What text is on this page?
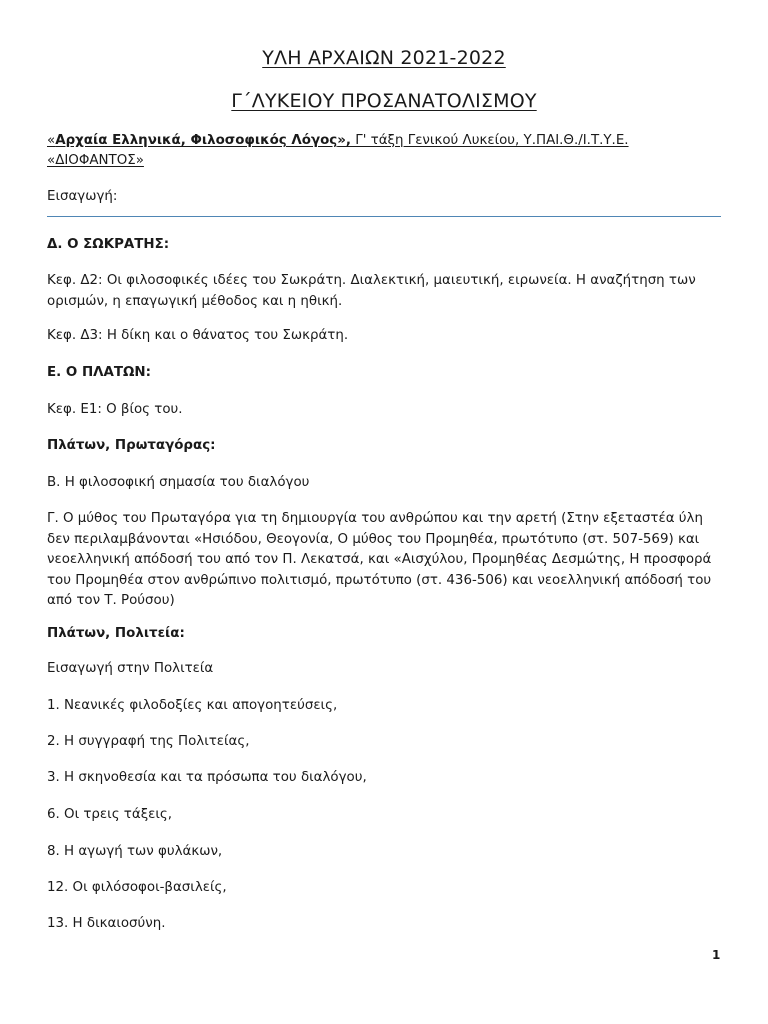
ΥΛΗ ΑΡΧΑΙΩΝ 2021-2022
Γ΄ΛΥΚΕΙΟΥ ΠΡΟΣΑΝΑΤΟΛΙΣΜΟΥ
«Αρχαία Ελληνικά, Φιλοσοφικός Λόγος», Γ' τάξη Γενικού Λυκείου, Υ.ΠΑΙ.Θ./Ι.Τ.Υ.Ε. «ΔΙΟΦΑΝΤΟΣ»
Εισαγωγή:

Δ. Ο ΣΩΚΡΑΤΗΣ:

Κεφ. Δ2: Οι φιλοσοφικές ιδέες του Σωκράτη. Διαλεκτική, μαιευτική, ειρωνεία. Η αναζήτηση των ορισμών, η επαγωγική μέθοδος και η ηθική.

Κεφ. Δ3: Η δίκη και ο θάνατος του Σωκράτη.

Ε. Ο ΠΛΑΤΩΝ:

Κεφ. Ε1: Ο βίος του.

Πλάτων, Πρωταγόρας:

Β. Η φιλοσοφική σημασία του διαλόγου

Γ. Ο μύθος του Πρωταγόρα για τη δημιουργία του ανθρώπου και την αρετή (Στην εξεταστέα ύλη δεν περιλαμβάνονται «Ησιόδου, Θεογονία, Ο μύθος του Προμηθέα, πρωτότυπο (στ. 507-569) και νεοελληνική απόδοσή του από τον Π. Λεκατσά, και «Αισχύλου, Προμηθέας Δεσμώτης, Η προσφορά του Προμηθέα στον ανθρώπινο πολιτισμό, πρωτότυπο (στ. 436-506) και νεοελληνική απόδοσή του από τον Τ. Ρούσου)

Πλάτων, Πολιτεία:

Εισαγωγή στην Πολιτεία

1. Νεανικές φιλοδοξίες και απογοητεύσεις,

2. Η συγγραφή της Πολιτείας,

3. Η σκηνοθεσία και τα πρόσωπα του διαλόγου,

6. Οι τρεις τάξεις,

8. Η αγωγή των φυλάκων,

12. Οι φιλόσοφοι-βασιλείς,

13. Η δικαιοσύνη.

1
